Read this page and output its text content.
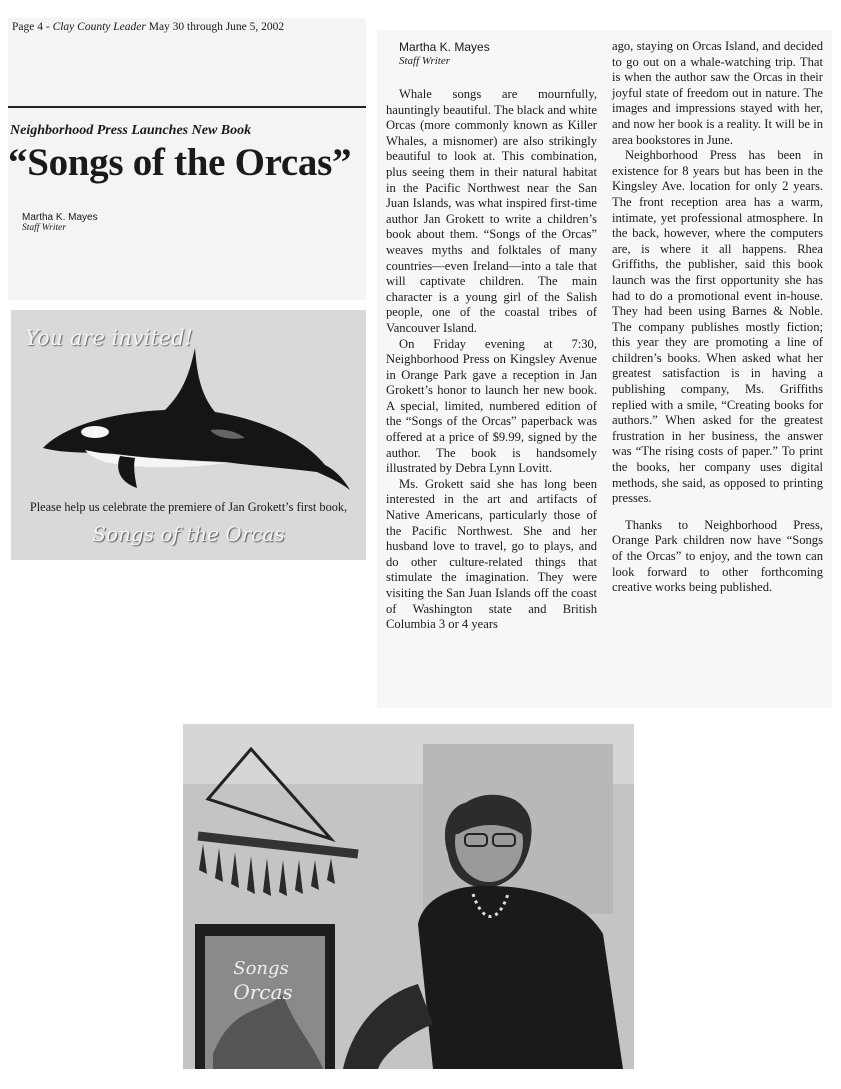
Page 4 - Clay County Leader May 30 through June 5, 2002
Neighborhood Press Launches New Book
“Songs of the Orcas”
Martha K. Mayes
Staff Writer
You are invited!
Please help us celebrate the premiere of Jan Grokett’s first book,
Songs of the Orcas
Martha K. Mayes
Staff Writer

Whale songs are mournfully, hauntingly beautiful. The black and white Orcas (more commonly known as Killer Whales, a misnomer) are also strikingly beautiful to look at. This combination, plus seeing them in their natural habitat in the Pacific Northwest near the San Juan Islands, was what inspired first-time author Jan Grokett to write a children’s book about them. “Songs of the Orcas” weaves myths and folktales of many countries—even Ireland—into a tale that will captivate children. The main character is a young girl of the Salish people, one of the coastal tribes of Vancouver Island.

On Friday evening at 7:30, Neighborhood Press on Kingsley Avenue in Orange Park gave a reception in Jan Grokett’s honor to launch her new book. A special, limited, numbered edition of the “Songs of the Orcas” paperback was offered at a price of $9.99, signed by the author. The book is handsomely illustrated by Debra Lynn Lovitt.

Ms. Grokett said she has long been interested in the art and artifacts of Native Americans, particularly those of the Pacific Northwest. She and her husband love to travel, go to plays, and do other culture-related things that stimulate the imagination. They were visiting the San Juan Islands off the coast of Washington state and British Columbia 3 or 4 years

ago, staying on Orcas Island, and decided to go out on a whale-watching trip. That is when the author saw the Orcas in their joyful state of freedom out in nature. The images and impressions stayed with her, and now her book is a reality. It will be in area bookstores in June.

Neighborhood Press has been in existence for 8 years but has been in the Kingsley Ave. location for only 2 years. The front reception area has a warm, intimate, yet professional atmosphere. In the back, however, where the computers are, is where it all happens. Rhea Griffiths, the publisher, said this book launch was the first opportunity she has had to do a promotional event in-house. They had been using Barnes & Noble. The company publishes mostly fiction; this year they are promoting a line of children’s books. When asked what her greatest satisfaction is in having a publishing company, Ms. Griffiths replied with a smile, “Creating books for authors.” When asked for the greatest frustration in her business, the answer was “The rising costs of paper.” To print the books, her company uses digital methods, she said, as opposed to printing presses.

Thanks to Neighborhood Press, Orange Park children now have “Songs of the Orcas” to enjoy, and the town can look forward to other forthcoming creative works being published.

Songs
Orcas
